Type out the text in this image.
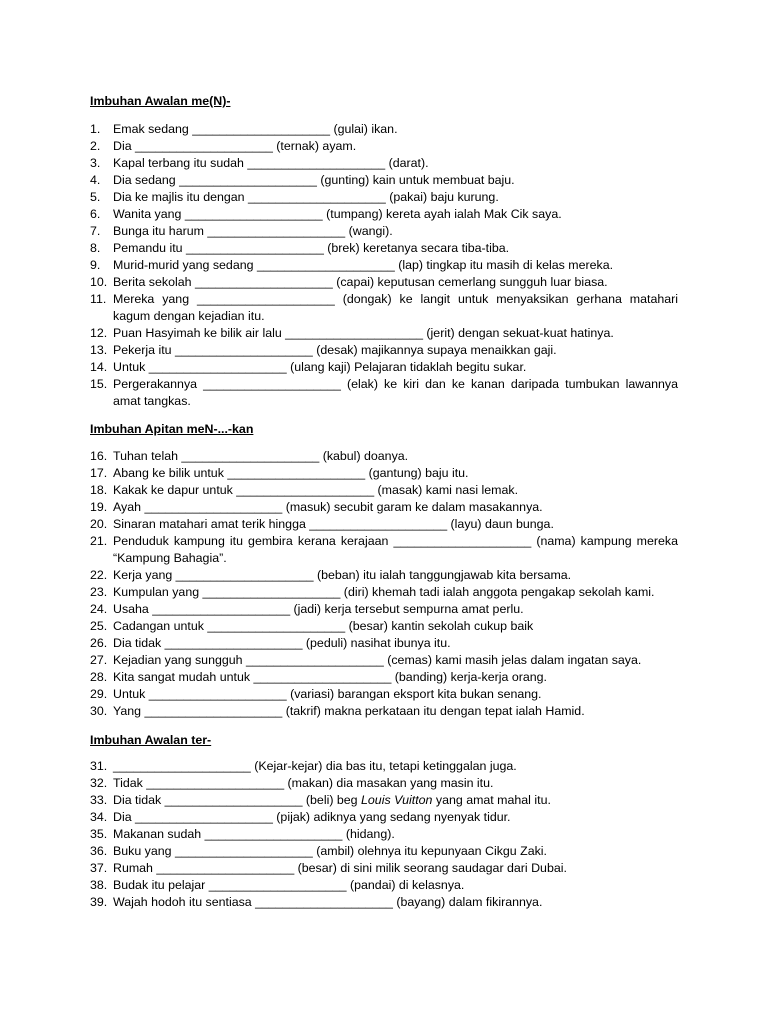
Imbuhan Awalan me(N)-
1. Emak sedang ____________________ (gulai) ikan.
2. Dia ____________________ (ternak) ayam.
3. Kapal terbang itu sudah ____________________ (darat).
4. Dia sedang ____________________ (gunting) kain untuk membuat baju.
5. Dia ke majlis itu dengan ____________________ (pakai) baju kurung.
6. Wanita yang ____________________ (tumpang) kereta ayah ialah Mak Cik saya.
7. Bunga itu harum ____________________ (wangi).
8. Pemandu itu ____________________ (brek) keretanya secara tiba-tiba.
9. Murid-murid yang sedang ____________________ (lap) tingkap itu masih di kelas mereka.
10. Berita sekolah ____________________ (capai) keputusan cemerlang sungguh luar biasa.
11. Mereka yang ____________________ (dongak) ke langit untuk menyaksikan gerhana matahari kagum dengan kejadian itu.
12. Puan Hasyimah ke bilik air lalu ____________________ (jerit) dengan sekuat-kuat hatinya.
13. Pekerja itu ____________________ (desak) majikannya supaya menaikkan gaji.
14. Untuk ____________________ (ulang kaji) Pelajaran tidaklah begitu sukar.
15. Pergerakannya ____________________ (elak) ke kiri dan ke kanan daripada tumbukan lawannya amat tangkas.
Imbuhan Apitan meN-...-kan
16. Tuhan telah ____________________ (kabul) doanya.
17. Abang ke bilik untuk ____________________ (gantung) baju itu.
18. Kakak ke dapur untuk ____________________ (masak) kami nasi lemak.
19. Ayah ____________________ (masuk) secubit garam ke dalam masakannya.
20. Sinaran matahari amat terik hingga ____________________ (layu) daun bunga.
21. Penduduk kampung itu gembira kerana kerajaan ____________________ (nama) kampung mereka “Kampung Bahagia”.
22. Kerja yang ____________________ (beban) itu ialah tanggungjawab kita bersama.
23. Kumpulan yang ____________________ (diri) khemah tadi ialah anggota pengakap sekolah kami.
24. Usaha ____________________ (jadi) kerja tersebut sempurna amat perlu.
25. Cadangan untuk ____________________ (besar) kantin sekolah cukup baik
26. Dia tidak ____________________ (peduli) nasihat ibunya itu.
27. Kejadian yang sungguh ____________________ (cemas) kami masih jelas dalam ingatan saya.
28. Kita sangat mudah untuk ____________________ (banding) kerja-kerja orang.
29. Untuk ____________________ (variasi) barangan eksport kita bukan senang.
30. Yang ____________________ (takrif) makna perkataan itu dengan tepat ialah Hamid.
Imbuhan Awalan ter-
31. ____________________ (Kejar-kejar) dia bas itu, tetapi ketinggalan juga.
32. Tidak ____________________ (makan) dia masakan yang masin itu.
33. Dia tidak ____________________ (beli) beg Louis Vuitton yang amat mahal itu.
34. Dia ____________________ (pijak) adiknya yang sedang nyenyak tidur.
35. Makanan sudah ____________________ (hidang).
36. Buku yang ____________________ (ambil) olehnya itu kepunyaan Cikgu Zaki.
37. Rumah ____________________ (besar) di sini milik seorang saudagar dari Dubai.
38. Budak itu pelajar ____________________ (pandai) di kelasnya.
39. Wajah hodoh itu sentiasa ____________________ (bayang) dalam fikirannya.
